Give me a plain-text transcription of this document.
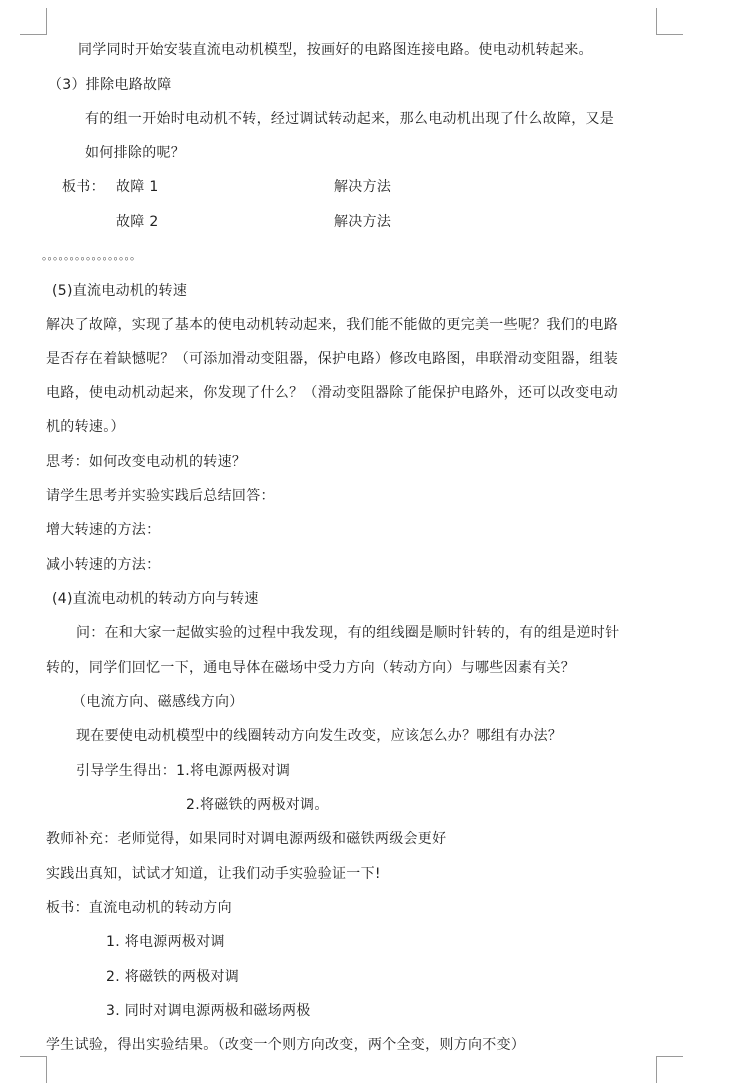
同学同时开始安装直流电动机模型，按画好的电路图连接电路。使电动机转起来。
（3）排除电路故障
有的组一开始时电动机不转，经过调试转动起来，那么电动机出现了什么故障，又是
如何排除的呢？
板书： 故障 1	解决方法
故障 2	解决方法
。。。。。。。。。。。。。。。。。
(5)直流电动机的转速
解决了故障，实现了基本的使电动机转动起来，我们能不能做的更完美一些呢？我们的电路
是否存在着缺憾呢？（可添加滑动变阻器，保护电路）修改电路图，串联滑动变阻器，组装
电路，使电动机动起来，你发现了什么？（滑动变阻器除了能保护电路外，还可以改变电动
机的转速。）
思考：如何改变电动机的转速？
请学生思考并实验实践后总结回答：
增大转速的方法：
减小转速的方法：
(4)直流电动机的转动方向与转速
问：在和大家一起做实验的过程中我发现，有的组线圈是顺时针转的，有的组是逆时针
转的，同学们回忆一下，通电导体在磁场中受力方向（转动方向）与哪些因素有关？
（电流方向、磁感线方向）
现在要使电动机模型中的线圈转动方向发生改变，应该怎么办？哪组有办法？
引导学生得出：1.将电源两极对调
2.将磁铁的两极对调。
教师补充：老师觉得，如果同时对调电源两级和磁铁两级会更好
实践出真知，试试才知道，让我们动手实验验证一下!
板书：直流电动机的转动方向
1. 将电源两极对调
2. 将磁铁的两极对调
3. 同时对调电源两极和磁场两极
学生试验，得出实验结果。（改变一个则方向改变，两个全变，则方向不变）
